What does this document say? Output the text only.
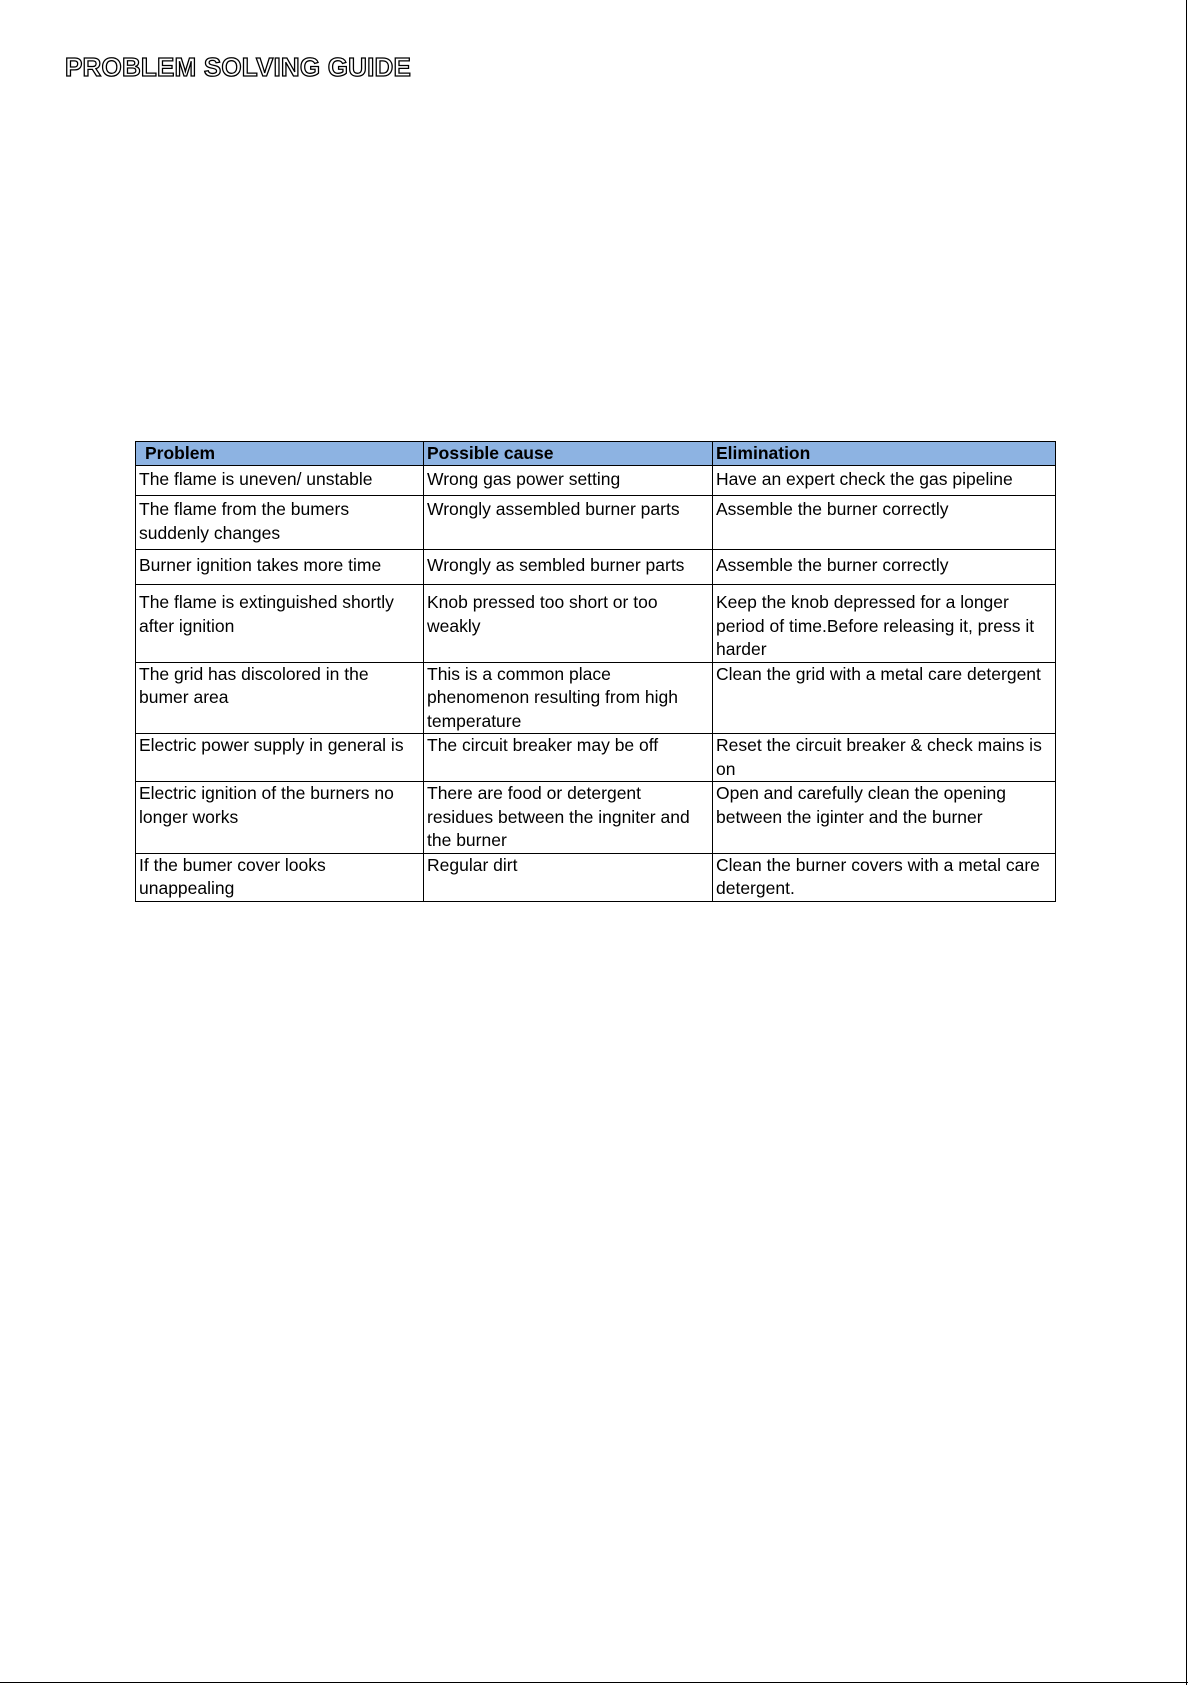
PROBLEM SOLVING GUIDE
Problem	Possible cause	Elimination
The flame is uneven/ unstable	Wrong gas power setting	Have an expert check the gas pipeline
The flame from the bumers suddenly changes	Wrongly assembled burner parts	Assemble the burner correctly
Burner ignition takes more time	Wrongly as sembled burner parts	Assemble the burner correctly
The flame is extinguished shortly after ignition	Knob pressed too short or too weakly	Keep the knob depressed for a longer period of time.Before releasing it, press it harder
The grid has discolored in the bumer area	This is a common place phenomenon resulting from high temperature	Clean the grid with a metal care detergent
Electric power supply in general is	The circuit breaker may be off	Reset the circuit breaker & check mains is on
Electric ignition of the burners no longer works	There are food or detergent residues between the ingniter and the burner	Open and carefully clean the opening between the iginter and the burner
If the bumer cover looks unappealing	Regular dirt	Clean the burner covers with a metal care detergent.
